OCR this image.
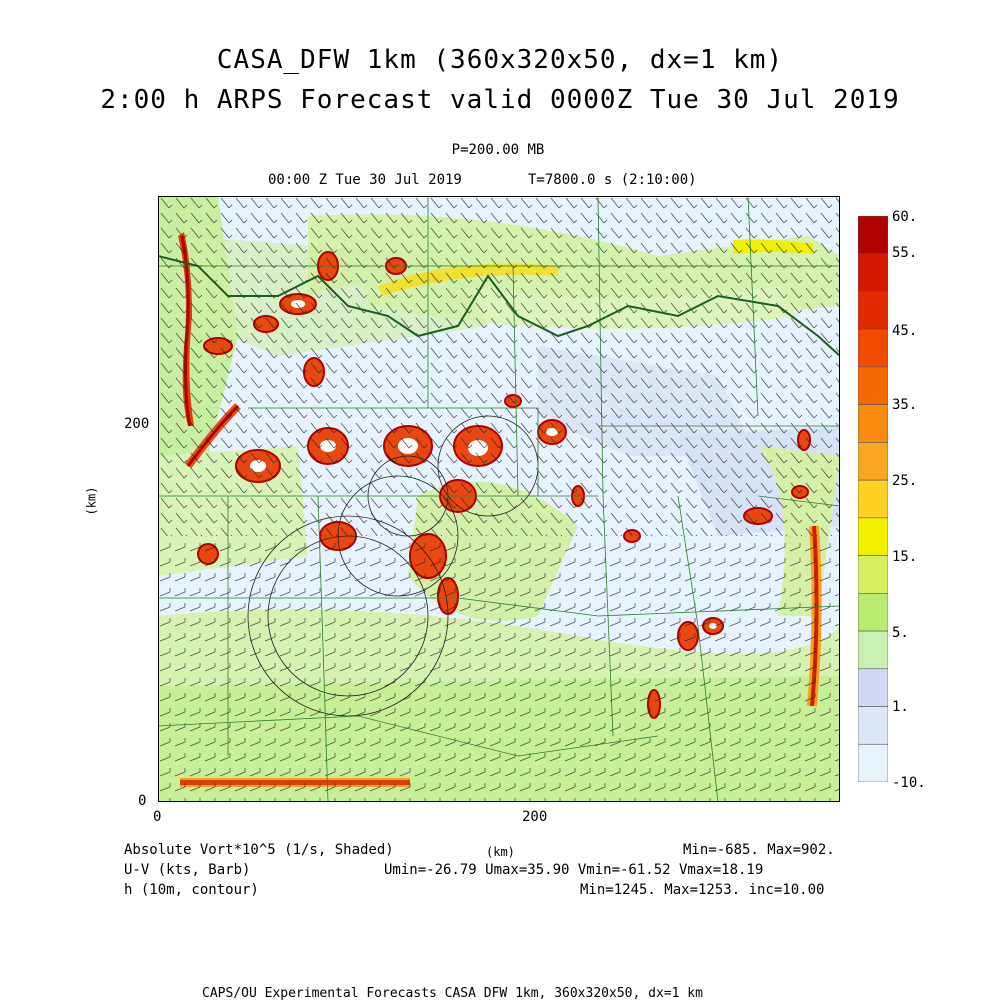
CASA_DFW 1km (360x320x50, dx=1 km)
2:00 h ARPS Forecast valid 0000Z Tue 30 Jul 2019
P=200.00 MB
00:00 Z Tue 30 Jul 2019	T=7800.0 s (2:10:00)
200
0
0	200
(km)
(km)
60.
55.
45.
35.
25.
15.
5.
1.
-10.
Absolute Vort*10^5 (1/s, Shaded)	Min=-685. Max=902.
U-V (kts, Barb)	Umin=-26.79 Umax=35.90 Vmin=-61.52 Vmax=18.19
h (10m, contour)	Min=1245. Max=1253. inc=10.00
CAPS/OU Experimental Forecasts CASA DFW 1km, 360x320x50, dx=1 km
